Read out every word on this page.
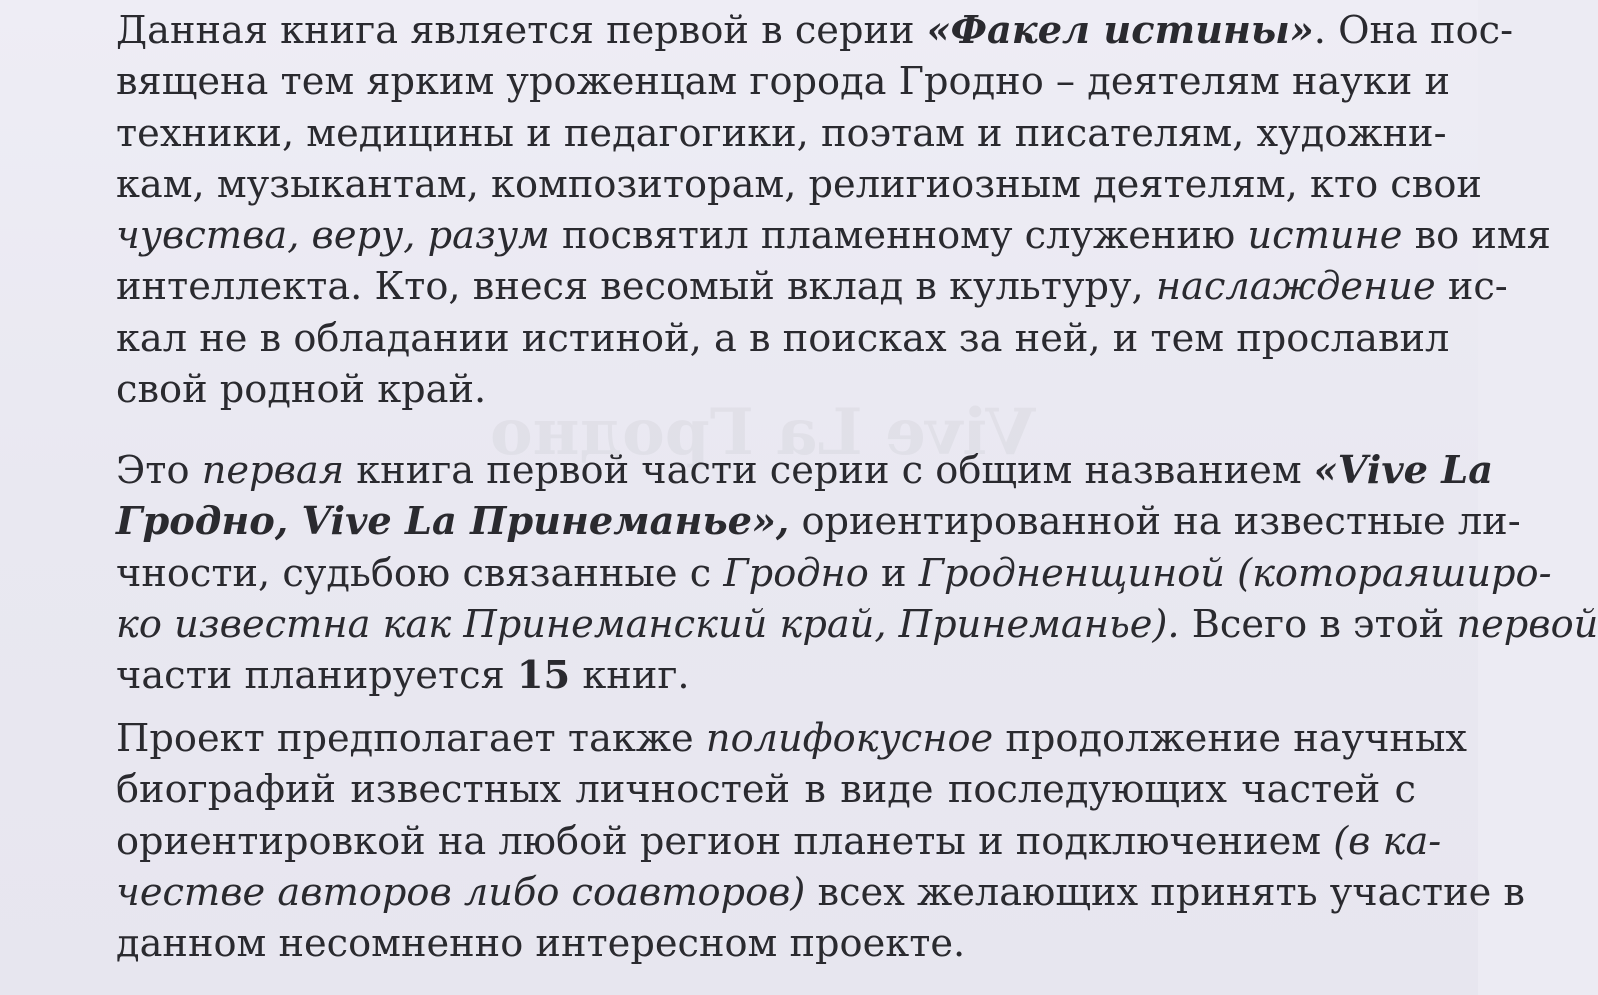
Vive La Гродно
Данная книга является первой в серии «Факел истины». Она пос-
вящена тем ярким уроженцам города Гродно – деятелям науки и
техники, медицины и педагогики, поэтам и писателям, художни-
кам, музыкантам, композиторам, религиозным деятелям, кто свои
чувства, веру, разум посвятил пламенному служению истине во имя
интеллекта. Кто, внеся весомый вклад в культуру, наслаждение ис-
кал не в обладании истиной, а в поисках за ней, и тем прославил
свой родной край.
Это первая книга первой части серии с общим названием «Vive La
Гродно, Vive La Принеманье», ориентированной на известные ли-
чности, судьбою связанные с Гродно и Гродненщиной (котораяширо-
ко известна как Принеманский край, Принеманье). Всего в этой первой
части планируется 15 книг.
Проект предполагает также полифокусное продолжение научных
биографий известных личностей в виде последующих частей с
ориентировкой на любой регион планеты и подключением (в ка-
честве авторов либо соавторов) всех желающих принять участие в
данном несомненно интересном проекте.
